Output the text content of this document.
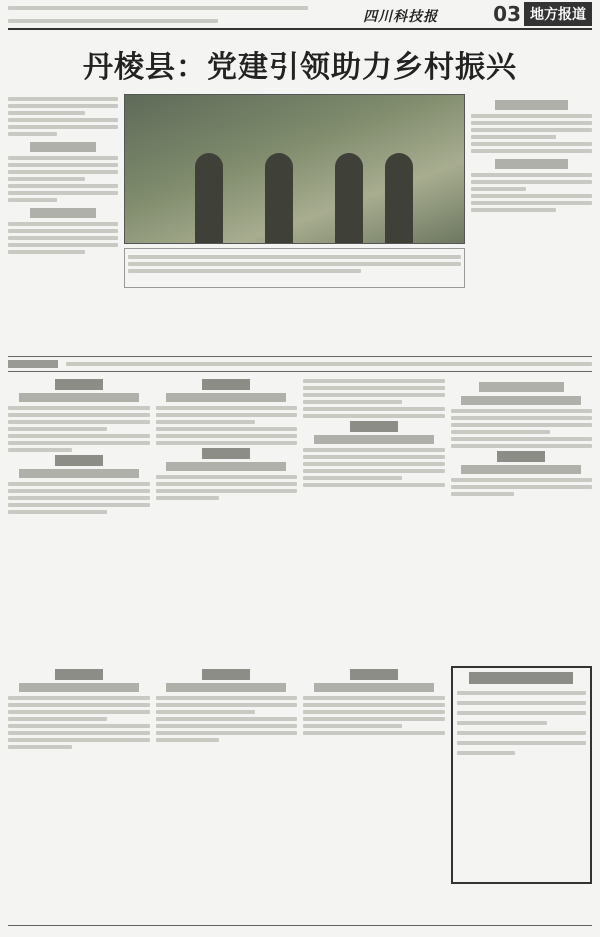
四川科技报	03 地方报道
丹棱县：党建引领助力乡村振兴
